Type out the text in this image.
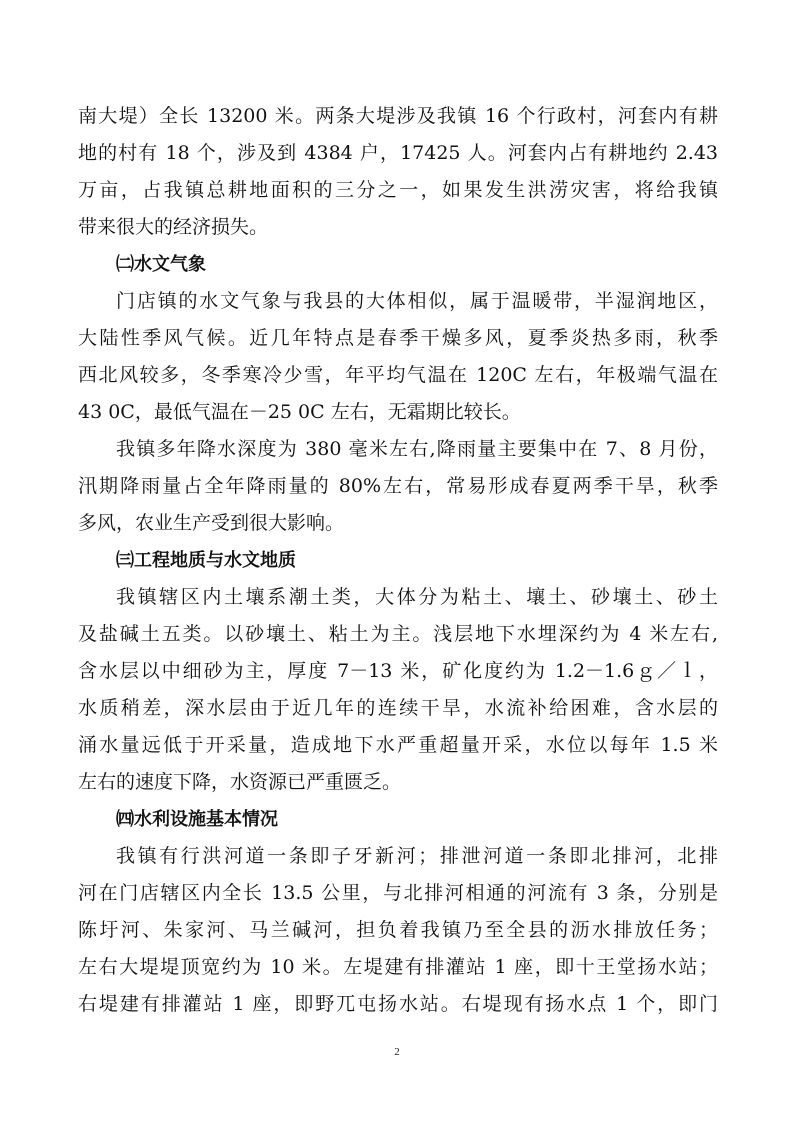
南大堤）全长 13200 米。两条大堤涉及我镇 16 个行政村，河套内有耕
地的村有 18 个，涉及到 4384 户，17425 人。河套内占有耕地约 2.43
万亩，占我镇总耕地面积的三分之一，如果发生洪涝灾害，将给我镇
带来很大的经济损失。
㈡水文气象
门店镇的水文气象与我县的大体相似，属于温暖带，半湿润地区，
大陆性季风气候。近几年特点是春季干燥多风，夏季炎热多雨，秋季
西北风较多，冬季寒冷少雪，年平均气温在 120C 左右，年极端气温在
43 0C，最低气温在－25 0C 左右，无霜期比较长。
我镇多年降水深度为 380 毫米左右,降雨量主要集中在 7、8 月份，
汛期降雨量占全年降雨量的 80%左右，常易形成春夏两季干旱，秋季
多风，农业生产受到很大影响。
㈢工程地质与水文地质
我镇辖区内土壤系潮土类，大体分为粘土、壤土、砂壤土、砂土
及盐碱土五类。以砂壤土、粘土为主。浅层地下水埋深约为 4 米左右,
含水层以中细砂为主，厚度 7－13 米，矿化度约为 1.2－1.6ｇ／ｌ，
水质稍差，深水层由于近几年的连续干旱，水流补给困难，含水层的
涌水量远低于开采量，造成地下水严重超量开采，水位以每年 1.5 米
左右的速度下降，水资源已严重匮乏。
㈣水利设施基本情况
我镇有行洪河道一条即子牙新河；排泄河道一条即北排河，北排
河在门店辖区内全长 13.5 公里，与北排河相通的河流有 3 条，分别是
陈圩河、朱家河、马兰碱河，担负着我镇乃至全县的沥水排放任务；
左右大堤堤顶宽约为 10 米。左堤建有排灌站 1 座，即十王堂扬水站；
右堤建有排灌站 1 座，即野兀屯扬水站。右堤现有扬水点 1 个，即门
2
